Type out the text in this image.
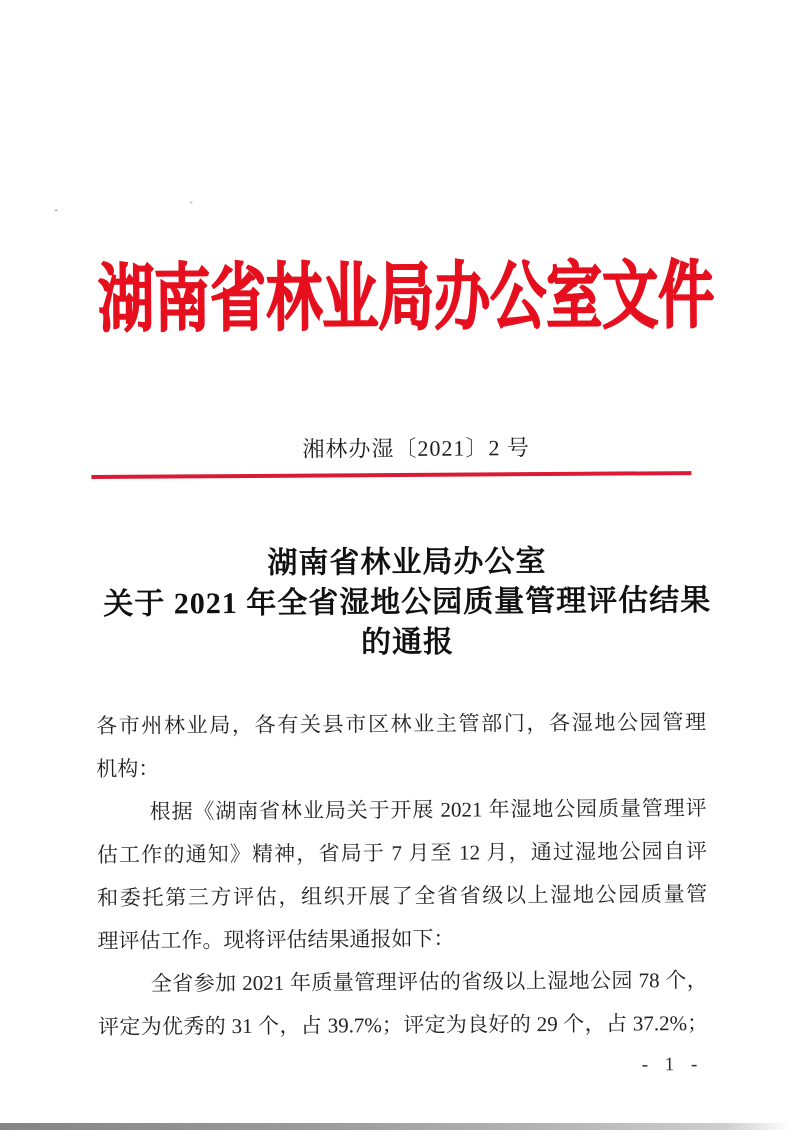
湖南省林业局办公室文件
湘林办湿〔2021〕2 号
湖南省林业局办公室
关于 2021 年全省湿地公园质量管理评估结果
的通报
各市州林业局，各有关县市区林业主管部门，各湿地公园管理
机构：
根据《湖南省林业局关于开展 2021 年湿地公园质量管理评
估工作的通知》精神，省局于 7 月至 12 月，通过湿地公园自评
和委托第三方评估，组织开展了全省省级以上湿地公园质量管
理评估工作。现将评估结果通报如下：
全省参加 2021 年质量管理评估的省级以上湿地公园 78 个，
评定为优秀的 31 个，占 39.7%；评定为良好的 29 个，占 37.2%；
- 1 -
